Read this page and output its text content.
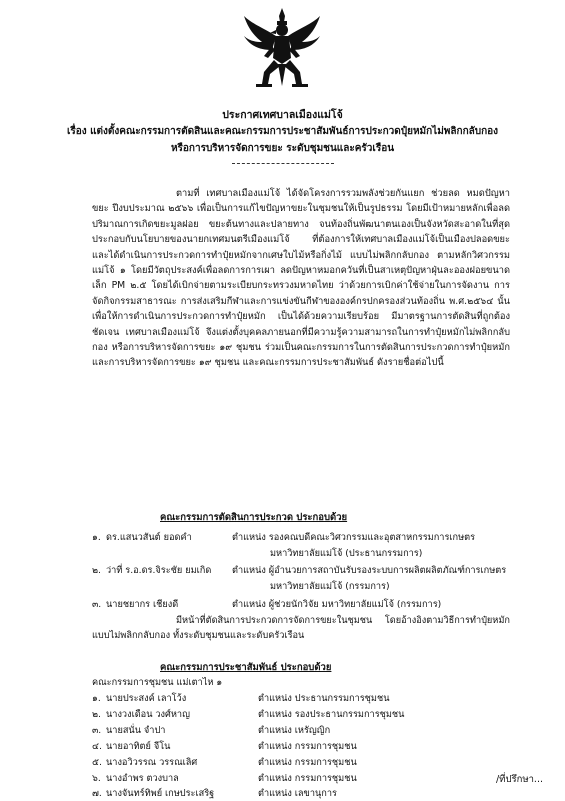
ประกาศเทศบาลเมืองแม่โจ้
เรื่อง แต่งตั้งคณะกรรมการตัดสินและคณะกรรมการประชาสัมพันธ์การประกวดปุ๋ยหมักไม่พลิกกลับกอง
หรือการบริหารจัดการขยะ ระดับชุมชนและครัวเรือน
ตามที่ เทศบาลเมืองแม่โจ้ ได้จัดโครงการรวมพลังช่วยกันแยก ช่วยลด หมดปัญหาขยะ ปีงบประมาณ ๒๕๖๖ เพื่อเป็นการแก้ไขปัญหาขยะในชุมชนให้เป็นรูปธรรม โดยมีเป้าหมายหลักเพื่อลดปริมาณการเกิดขยะมูลฝอย ขยะต้นทางและปลายทาง จนท้องถิ่นพัฒนาตนเองเป็นจังหวัดสะอาดในที่สุด ประกอบกับนโยบายของนายกเทศมนตรีเมืองแม่โจ้ ที่ต้องการให้เทศบาลเมืองแม่โจ้เป็นเมืองปลอดขยะ และได้ดำเนินการประกวดการทำปุ๋ยหมักจากเศษใบไม้หรือกิ่งไม้ แบบไม่พลิกกลับกอง ตามหลักวิศวกรรมแม่โจ้ ๑ โดยมีวัตถุประสงค์เพื่อลดการการเผา ลดปัญหาหมอกควันที่เป็นสาเหตุปัญหาฝุ่นละอองฝอยขนาดเล็ก PM ๒.๕ โดยได้เบิกจ่ายตามระเบียบกระทรวงมหาดไทย ว่าด้วยการเบิกค่าใช้จ่ายในการจัดงาน การจัดกิจกรรมสาธารณะ การส่งเสริมกีฬาและการแข่งขันกีฬาขององค์กรปกครองส่วนท้องถิ่น พ.ศ.๒๕๖๔ นั้น เพื่อให้การดำเนินการประกวดการทำปุ๋ยหมัก เป็นได้ด้วยความเรียบร้อย มีมาตรฐานการตัดสินที่ถูกต้องชัดเจน เทศบาลเมืองแม่โจ้ จึงแต่งตั้งบุคคลภายนอกที่มีความรู้ความสามารถในการทำปุ๋ยหมักไม่พลิกกลับกอง หรือการบริหารจัดการขยะ ๑๙ ชุมชน ร่วมเป็นคณะกรรมการในการตัดสินการประกวดการทำปุ๋ยหมักและการบริหารจัดการขยะ ๑๙ ชุมชน และคณะกรรมการประชาสัมพันธ์ ดังรายชื่อต่อไปนี้
คณะกรรมการตัดสินการประกวด ประกอบด้วย
๑. ดร.แสนวสันต์ ยอดคำ	ตำแหน่ง รองคณบดีคณะวิศวกรรมและอุตสาหกรรมการเกษตร
มหาวิทยาลัยแม่โจ้ (ประธานกรรมการ)
๒. ว่าที่ ร.อ.ดร.จิระชัย ยมเกิด ตำแหน่ง ผู้อำนวยการสถาบันรับรองระบบการผลิตผลิตภัณฑ์การเกษตร
มหาวิทยาลัยแม่โจ้ (กรรมการ)
๓. นายชยากร เชียงดี	ตำแหน่ง ผู้ช่วยนักวิจัย มหาวิทยาลัยแม่โจ้ (กรรมการ)
มีหน้าที่ตัดสินการประกวดการจัดการขยะในชุมชน โดยอ้างอิงตามวิธีการทำปุ๋ยหมักแบบไม่พลิกกลับกอง ทั้งระดับชุมชนและระดับครัวเรือน
คณะกรรมการประชาสัมพันธ์ ประกอบด้วย
คณะกรรมการชุมชน แม่เตาไห ๑
๑. นายประสงค์ เลาโว้ง	ตำแหน่ง ประธานกรรมการชุมชน
๒. นางวงเดือน วงศ์หาญ	ตำแหน่ง รองประธานกรรมการชุมชน
๓. นายสนั่น จำปา	ตำแหน่ง เหรัญญิก
๔. นายอาทิตย์ จีโน	ตำแหน่ง กรรมการชุมชน
๕. นางอวิวรรณ วรรณเลิศ	ตำแหน่ง กรรมการชุมชน
๖. นางอำพร ตวงบาล	ตำแหน่ง กรรมการชุมชน
๗. นางจันทร์ทิพย์ เกษประเสริฐ	ตำแหน่ง เลขานุการ
/ที่ปรึกษา...
